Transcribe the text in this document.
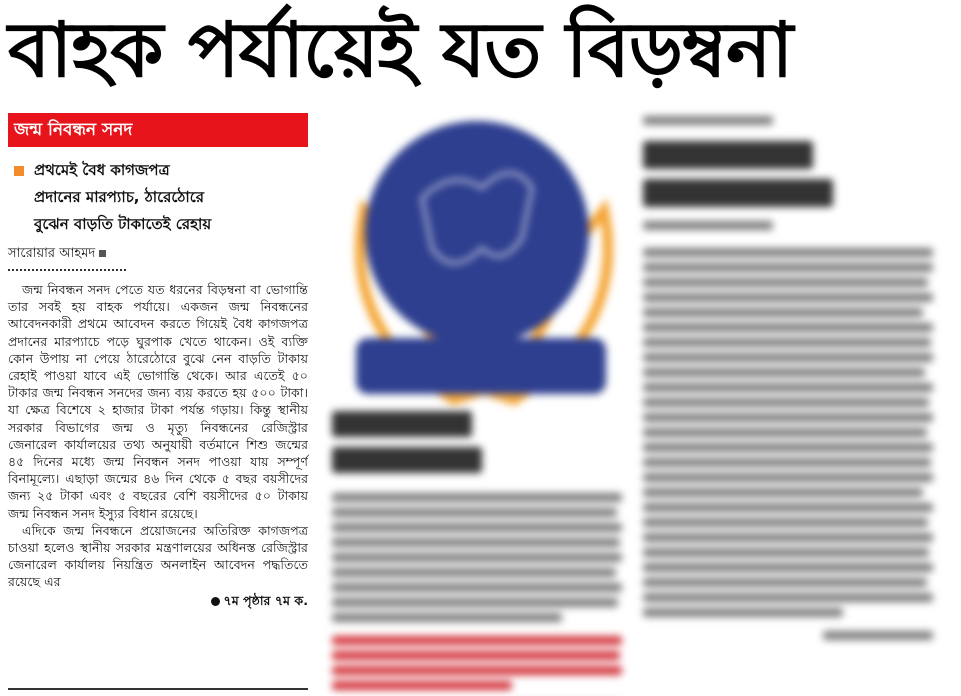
বাহক পর্যায়েই যত বিড়ম্বনা
জন্ম নিবন্ধন সনদ
প্রথমেই বৈধ কাগজপত্র
প্রদানের মারপ্যাচ, ঠারেঠোরে
বুঝেন বাড়তি টাকাতেই রেহায়
সারোয়ার আহমদ

জন্ম নিবন্ধন সনদ পেতে যত ধরনের বিড়ম্বনা বা ভোগান্তি তার সবই হয় বাহক পর্যায়ে। একজন জন্ম নিবন্ধনের আবেদনকারী প্রথমে আবেদন করতে গিয়েই বৈধ কাগজপত্র প্রদানের মারপ্যাচে পড়ে ঘুরপাক খেতে থাকেন। ওই ব্যক্তি কোন উপায় না পেয়ে ঠারেঠোরে বুঝে নেন বাড়তি টাকায় রেহাই পাওয়া যাবে এই ভোগান্তি থেকে। আর এতেই ৫০ টাকার জন্ম নিবন্ধন সনদের জন্য ব্যয় করতে হয় ৫০০ টাকা। যা ক্ষেত্র বিশেষে ২ হাজার টাকা পর্যন্ত গড়ায়। কিন্তু স্থানীয় সরকার বিভাগের জন্ম ও মৃত্যু নিবন্ধনের রেজিস্ট্রার জেনারেল কার্যালয়ের তথ্য অনুযায়ী বর্তমানে শিশু জন্মের ৪৫ দিনের মধ্যে জন্ম নিবন্ধন সনদ পাওয়া যায় সম্পূর্ণ বিনামূল্যে। এছাড়া জন্মের ৪৬ দিন থেকে ৫ বছর বয়সীদের জন্য ২৫ টাকা এবং ৫ বছরের বেশি বয়সীদের ৫০ টাকায় জন্ম নিবন্ধন সনদ ইস্যুর বিধান রয়েছে।

এদিকে জন্ম নিবন্ধনে প্রয়োজনের অতিরিক্ত কাগজপত্র চাওয়া হলেও স্থানীয় সরকার মন্ত্রণালয়ের অধিনস্ত রেজিস্ট্রার জেনারেল কার্যালয় নিয়ন্ত্রিত অনলাইন আবেদন পদ্ধতিতে রয়েছে এর

৭ম পৃষ্ঠার ৭ম ক.
